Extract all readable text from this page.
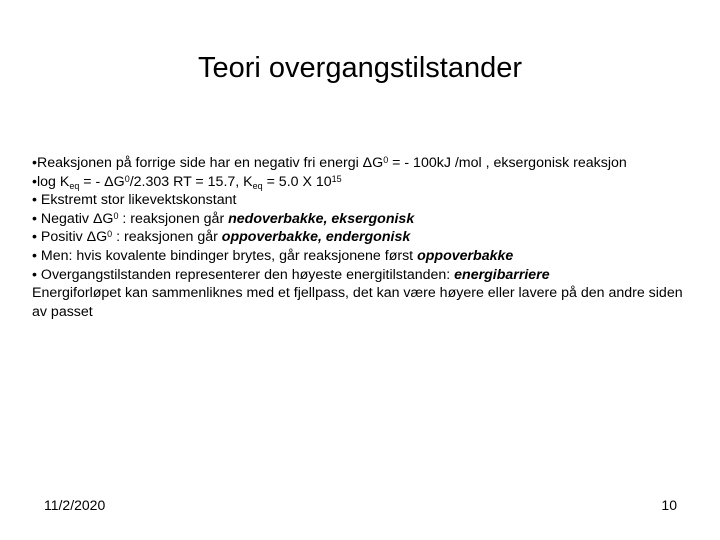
Teori overgangstilstander

•Reaksjonen på forrige side har en negativ fri energi $\Delta G^0$ = - 100kJ /mol , eksergonisk reaksjon

•log $K_{eq}$ = - $\Delta G^0/2.303$ RT = 15.7, $K_{eq} = 5.0$ X $10^{15}$

• Ekstremt stor likevektskonstant

• Negativ $\Delta G^0$ : reaksjonen går nedoverbakke, eksergonisk

• Positiv $\Delta G^0$ : reaksjonen går oppoverbakke, endergonisk

• Men: hvis kovalente bindinger brytes, går reaksjonene først oppoverbakke

• Overgangstilstanden representerer den høyeste energitilstanden: energibarriere

Energiforløpet kan sammenliknes med et fjellpass, det kan være høyere eller lavere på den andre siden av passet

11/2/2020	10
